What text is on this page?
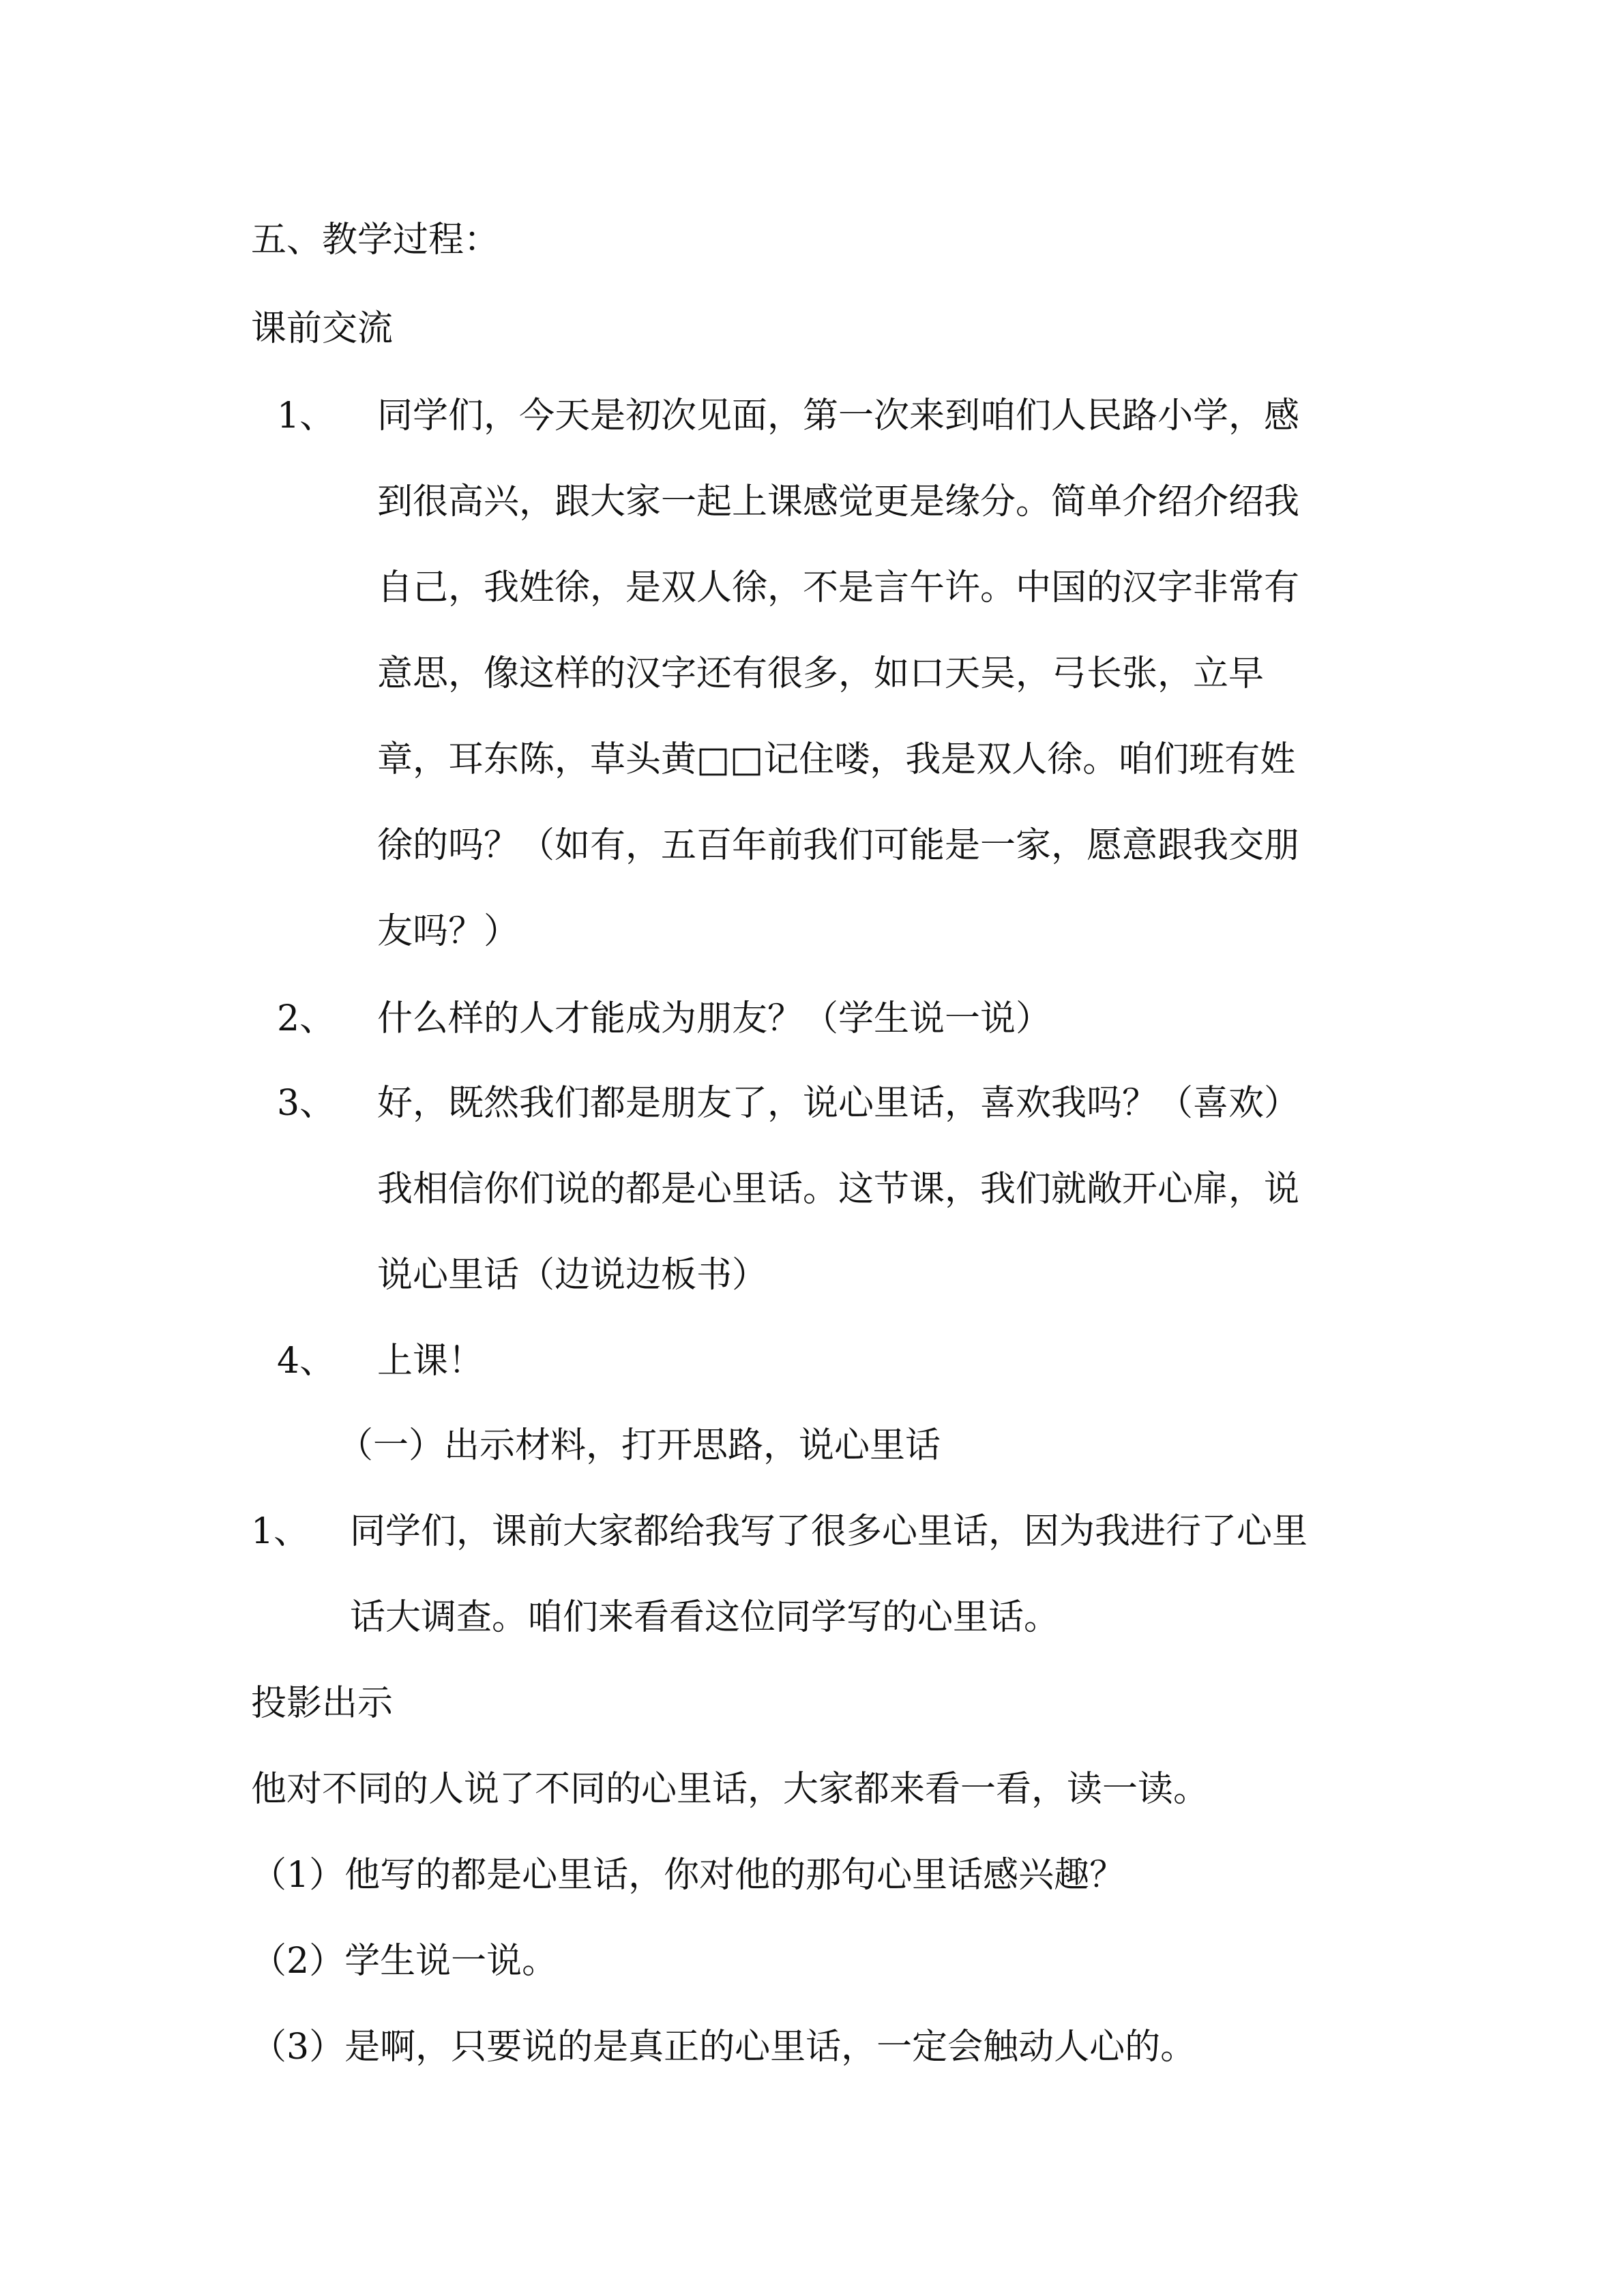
五、教学过程：
课前交流
1、 同学们，今天是初次见面，第一次来到咱们人民路小学，感
到很高兴，跟大家一起上课感觉更是缘分。简单介绍介绍我
自己，我姓徐，是双人徐，不是言午许。中国的汉字非常有
意思，像这样的汉字还有很多，如口天吴，弓长张，立早
章，耳东陈，草头黄□□记住喽，我是双人徐。咱们班有姓
徐的吗？（如有，五百年前我们可能是一家，愿意跟我交朋
友吗？）
2、 什么样的人才能成为朋友？（学生说一说）
3、 好，既然我们都是朋友了，说心里话，喜欢我吗？（喜欢）
我相信你们说的都是心里话。这节课，我们就敞开心扉，说
说心里话（边说边板书）
4、 上课！
（一）出示材料，打开思路，说心里话
1、 同学们，课前大家都给我写了很多心里话，因为我进行了心里
话大调查。咱们来看看这位同学写的心里话。
投影出示
他对不同的人说了不同的心里话，大家都来看一看，读一读。
（1）他写的都是心里话，你对他的那句心里话感兴趣？
（2）学生说一说。
（3）是啊，只要说的是真正的心里话，一定会触动人心的。
